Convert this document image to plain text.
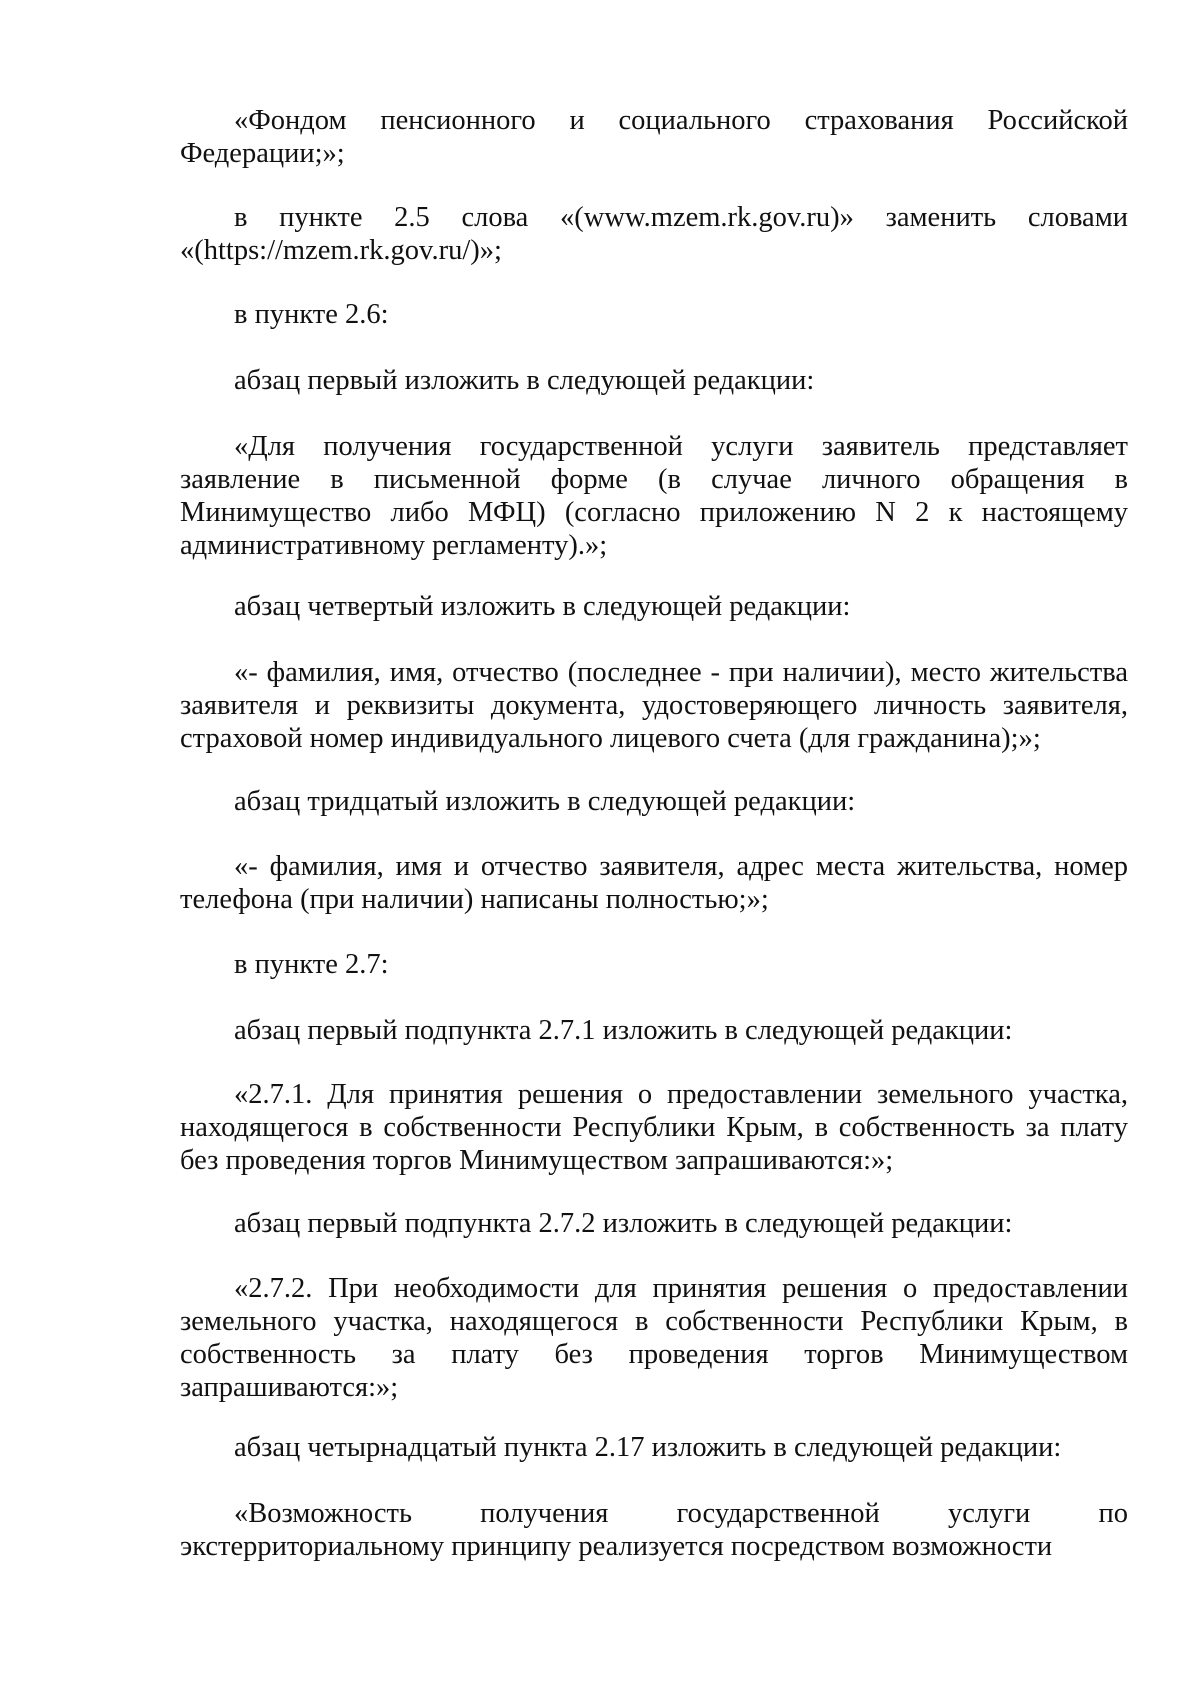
«Фондом пенсионного и социального страхования Российской Федерации;»;

в пункте 2.5 слова «(www.mzem.rk.gov.ru)» заменить словами «(https://mzem.rk.gov.ru/)»;

в пункте 2.6:

абзац первый изложить в следующей редакции:

«Для получения государственной услуги заявитель представляет заявление в письменной форме (в случае личного обращения в Минимущество либо МФЦ) (согласно приложению N 2 к настоящему административному регламенту).»;

абзац четвертый изложить в следующей редакции:

«- фамилия, имя, отчество (последнее - при наличии), место жительства заявителя и реквизиты документа, удостоверяющего личность заявителя, страховой номер индивидуального лицевого счета (для гражданина);»;

абзац тридцатый изложить в следующей редакции:

«- фамилия, имя и отчество заявителя, адрес места жительства, номер телефона (при наличии) написаны полностью;»;

в пункте 2.7:

абзац первый подпункта 2.7.1 изложить в следующей редакции:

«2.7.1. Для принятия решения о предоставлении земельного участка, находящегося в собственности Республики Крым, в собственность за плату без проведения торгов Минимуществом запрашиваются:»;

абзац первый подпункта 2.7.2 изложить в следующей редакции:

«2.7.2. При необходимости для принятия решения о предоставлении земельного участка, находящегося в собственности Республики Крым, в собственность за плату без проведения торгов Минимуществом запрашиваются:»;

абзац четырнадцатый пункта 2.17 изложить в следующей редакции:

«Возможность получения государственной услуги по экстерриториальному принципу реализуется посредством возможности
